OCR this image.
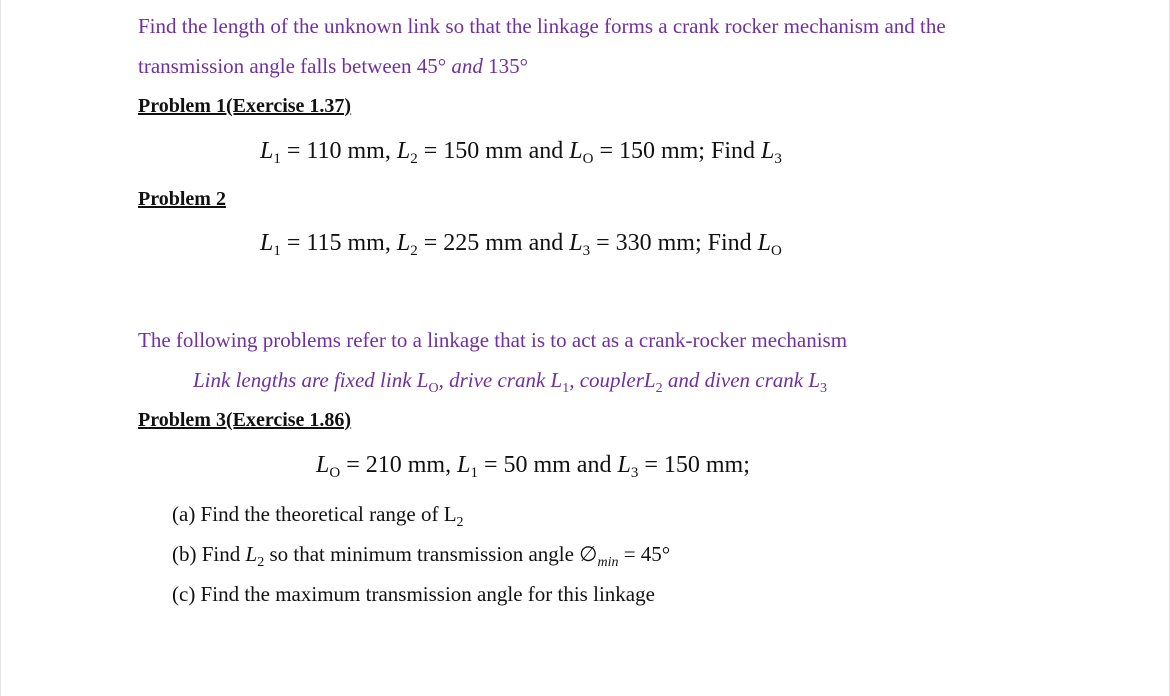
Find the length of the unknown link so that the linkage forms a crank rocker mechanism and the
transmission angle falls between 45° and 135°
Problem 1(Exercise 1.37)
$L_1 = 110$ mm, $L_2 = 150$ mm and $L_O = 150$ mm; Find $L_3$
Problem 2
$L_1 = 115$ mm, $L_2 = 225$ mm and $L_3 = 330$ mm; Find $L_O$
The following problems refer to a linkage that is to act as a crank-rocker mechanism
Link lengths are fixed link $L_O$, drive crank $L_1$, couplerL$_2$ and diven crank $L_3$
Problem 3(Exercise 1.86)
$L_O = 210$ mm, $L_1 = 50$ mm and $L_3 = 150$ mm;
(a) Find the theoretical range of $L_2$
(b) Find $L_2$ so that minimum transmission angle $\emptyset_{min} = 45^\circ$
(c) Find the maximum transmission angle for this linkage
